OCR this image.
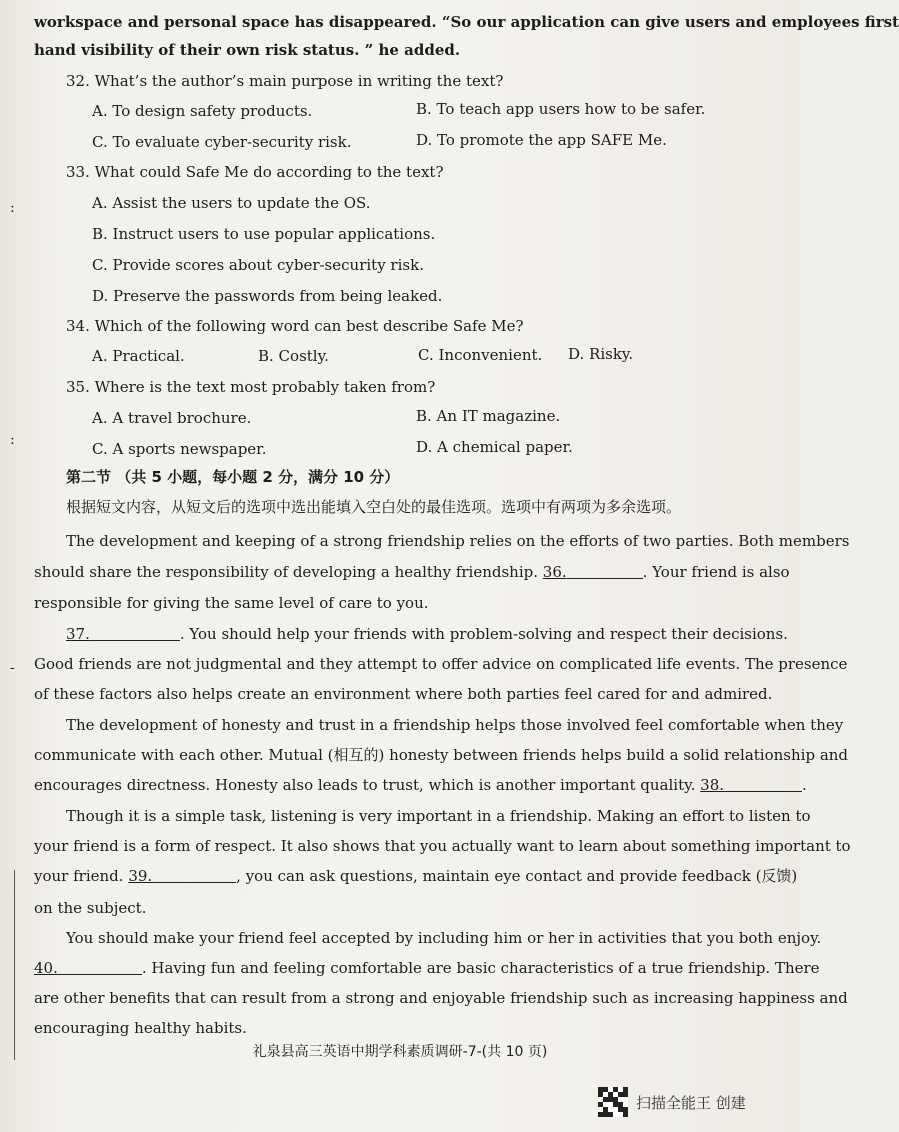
:
:
-
workspace and personal space has disappeared. “So our application can give users and employees first
hand visibility of their own risk status. ” he added.
32. What’s the author’s main purpose in writing the text?
A. To design safety products.	B. To teach app users how to be safer.
C. To evaluate cyber-security risk.	D. To promote the app SAFE Me.
33. What could Safe Me do according to the text?
A. Assist the users to update the OS.
B. Instruct users to use popular applications.
C. Provide scores about cyber-security risk.
D. Preserve the passwords from being leaked.
34. Which of the following word can best describe Safe Me?
A. Practical.	B. Costly.	C. Inconvenient. D. Risky.
35. Where is the text most probably taken from?
A. A travel brochure.	B. An IT magazine.
C. A sports newspaper.	D. A chemical paper.
第二节 （共 5 小题，每小题 2 分，满分 10 分）
根据短文内容，从短文后的选项中选出能填入空白处的最佳选项。选项中有两项为多余选项。
The development and keeping of a strong friendship relies on the efforts of two parties. Both members
should share the responsibility of developing a healthy friendship. 36.	. Your friend is also
responsible for giving the same level of care to you.
37.	. You should help your friends with problem-solving and respect their decisions.
Good friends are not judgmental and they attempt to offer advice on complicated life events. The presence
of these factors also helps create an environment where both parties feel cared for and admired.
The development of honesty and trust in a friendship helps those involved feel comfortable when they
communicate with each other. Mutual (相互的) honesty between friends helps build a solid relationship and
encourages directness. Honesty also leads to trust, which is another important quality. 38.	.
Though it is a simple task, listening is very important in a friendship. Making an effort to listen to
your friend is a form of respect. It also shows that you actually want to learn about something important to
your friend. 39.	, you can ask questions, maintain eye contact and provide feedback (反馈)
on the subject.
You should make your friend feel accepted by including him or her in activities that you both enjoy.
40.	. Having fun and feeling comfortable are basic characteristics of a true friendship. There
are other benefits that can result from a strong and enjoyable friendship such as increasing happiness and
encouraging healthy habits.
礼泉县高三英语中期学科素质调研-7-(共 10 页)
扫描全能王 创建
